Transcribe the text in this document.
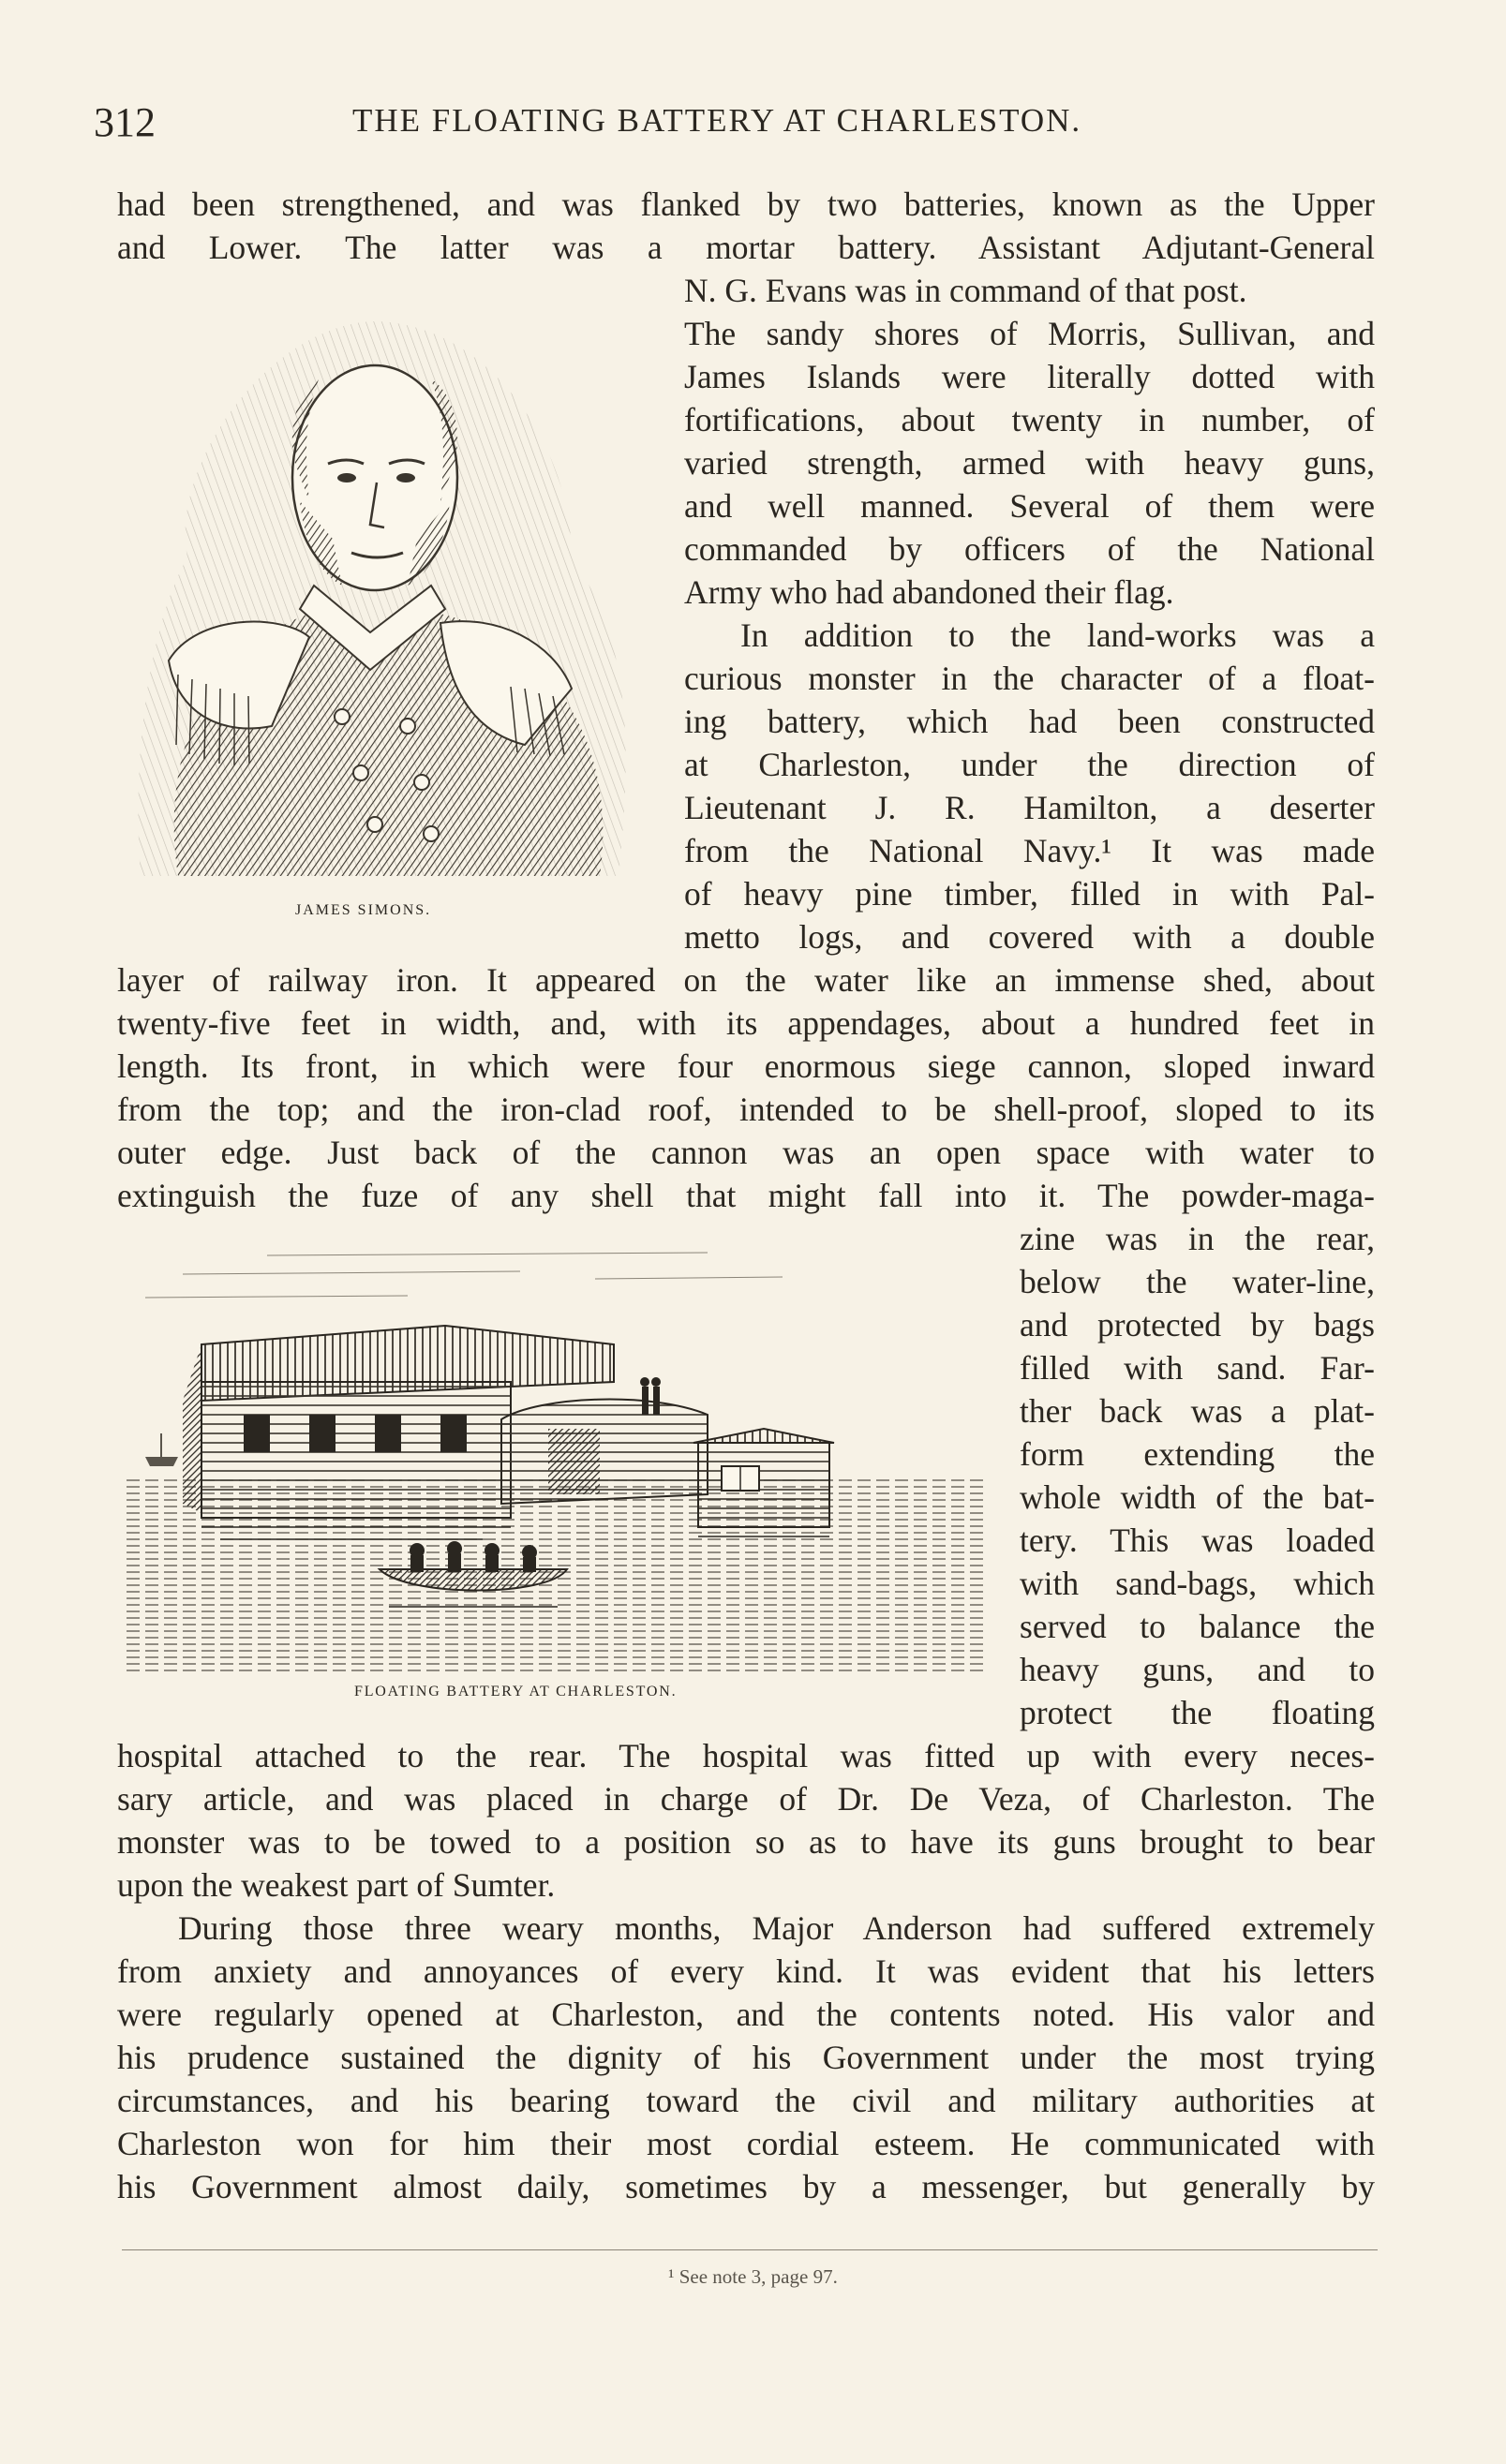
312	THE FLOATING BATTERY AT CHARLESTON.
JAMES SIMONS.
FLOATING BATTERY AT CHARLESTON.
had been strengthened, and was flanked by two batteries, known as the Upper
and Lower. The latter was a mortar battery. Assistant Adjutant-General
N. G. Evans was in command of that post.
The sandy shores of Morris, Sullivan, and
James Islands were literally dotted with
fortifications, about twenty in number, of
varied strength, armed with heavy guns,
and well manned. Several of them were
commanded by officers of the National
Army who had abandoned their flag.
In addition to the land-works was a
curious monster in the character of a float-
ing battery, which had been constructed
at Charleston, under the direction of
Lieutenant J. R. Hamilton, a deserter
from the National Navy.¹ It was made
of heavy pine timber, filled in with Pal-
metto logs, and covered with a double
layer of railway iron. It appeared on the water like an immense shed, about
twenty-five feet in width, and, with its appendages, about a hundred feet in
length. Its front, in which were four enormous siege cannon, sloped inward
from the top; and the iron-clad roof, intended to be shell-proof, sloped to its
outer edge. Just back of the cannon was an open space with water to
extinguish the fuze of any shell that might fall into it. The powder-maga-
zine was in the rear,
below the water-line,
and protected by bags
filled with sand. Far-
ther back was a plat-
form extending the
whole width of the bat-
tery. This was loaded
with sand-bags, which
served to balance the
heavy guns, and to
protect the floating
hospital attached to the rear. The hospital was fitted up with every neces-
sary article, and was placed in charge of Dr. De Veza, of Charleston. The
monster was to be towed to a position so as to have its guns brought to bear
upon the weakest part of Sumter.
During those three weary months, Major Anderson had suffered extremely
from anxiety and annoyances of every kind. It was evident that his letters
were regularly opened at Charleston, and the contents noted. His valor and
his prudence sustained the dignity of his Government under the most trying
circumstances, and his bearing toward the civil and military authorities at
Charleston won for him their most cordial esteem. He communicated with
his Government almost daily, sometimes by a messenger, but generally by
¹ See note 3, page 97.
